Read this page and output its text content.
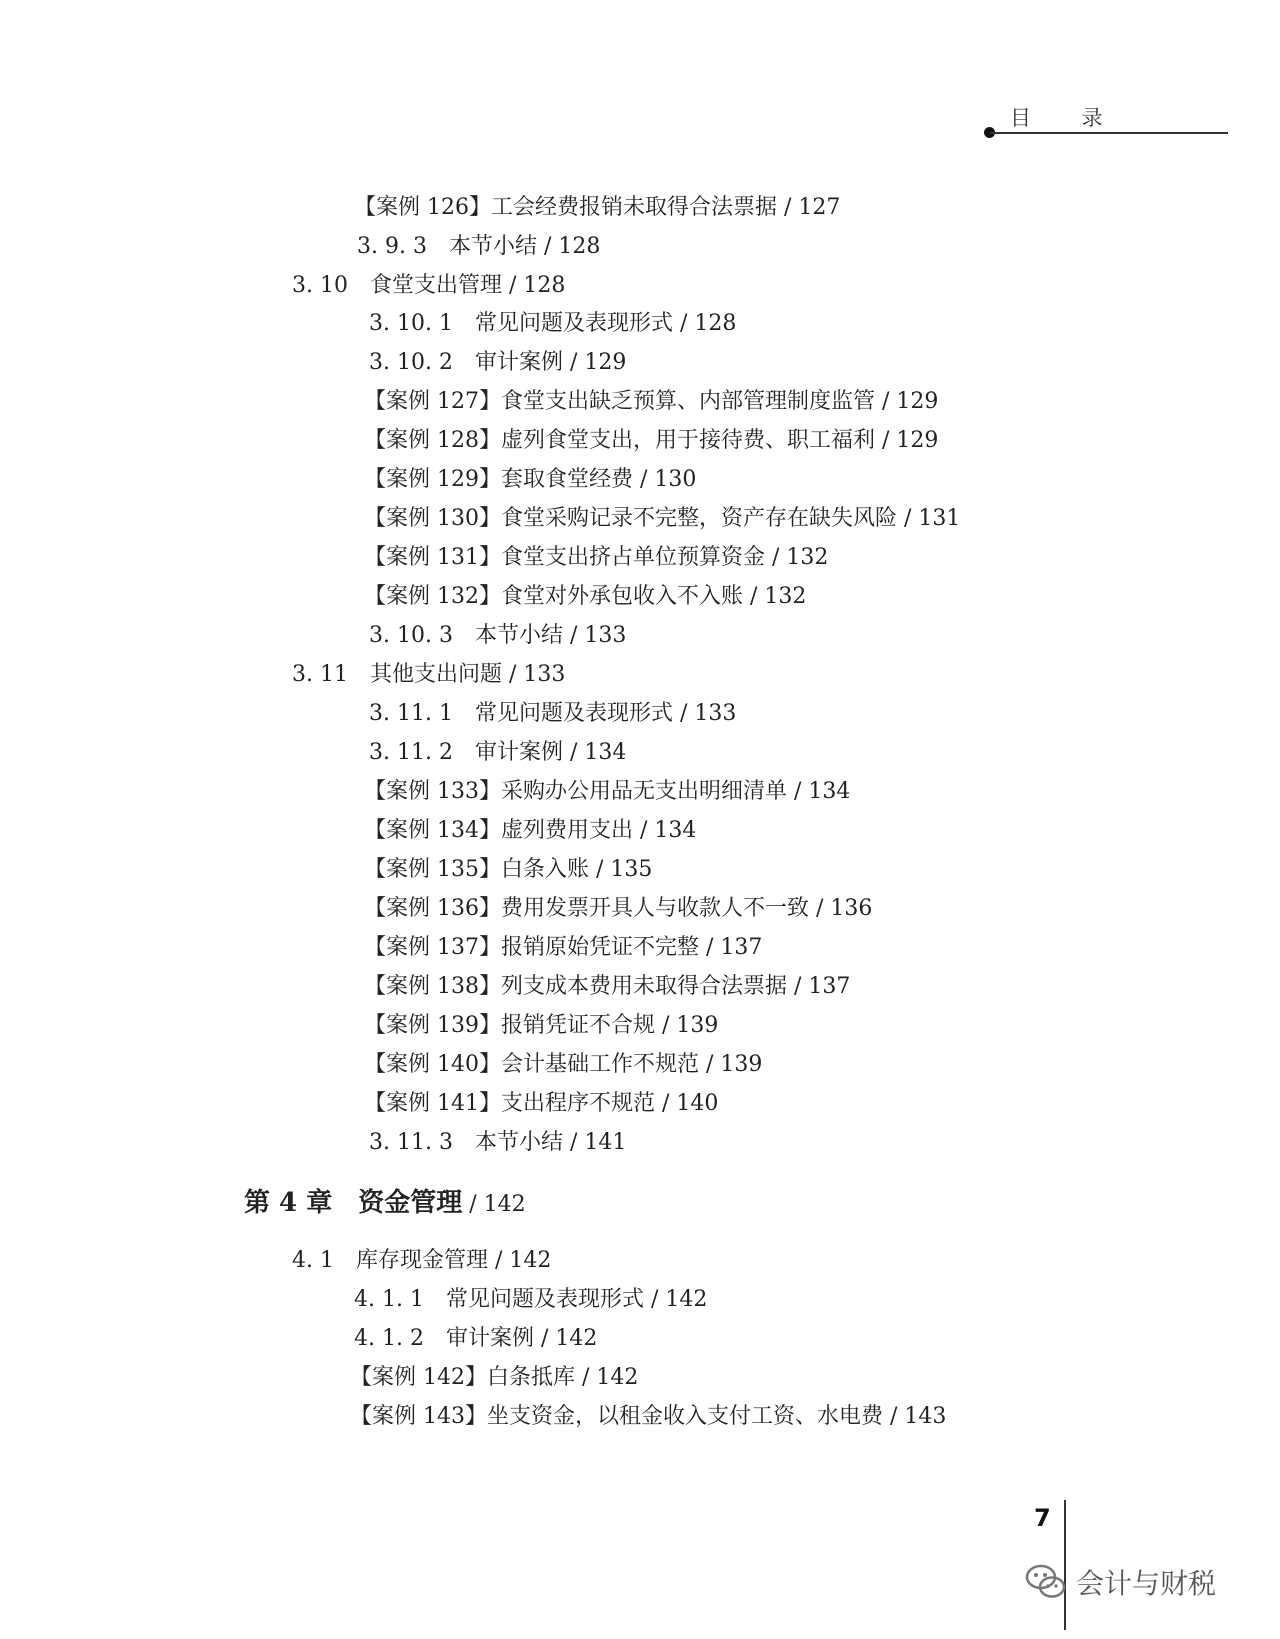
目 录
【案例 126】工会经费报销未取得合法票据 / 127
3. 9. 3　本节小结 / 128
3. 10　食堂支出管理 / 128
3. 10. 1　常见问题及表现形式 / 128
3. 10. 2　审计案例 / 129
【案例 127】食堂支出缺乏预算、内部管理制度监管 / 129
【案例 128】虚列食堂支出，用于接待费、职工福利 / 129
【案例 129】套取食堂经费 / 130
【案例 130】食堂采购记录不完整，资产存在缺失风险 / 131
【案例 131】食堂支出挤占单位预算资金 / 132
【案例 132】食堂对外承包收入不入账 / 132
3. 10. 3　本节小结 / 133
3. 11　其他支出问题 / 133
3. 11. 1　常见问题及表现形式 / 133
3. 11. 2　审计案例 / 134
【案例 133】采购办公用品无支出明细清单 / 134
【案例 134】虚列费用支出 / 134
【案例 135】白条入账 / 135
【案例 136】费用发票开具人与收款人不一致 / 136
【案例 137】报销原始凭证不完整 / 137
【案例 138】列支成本费用未取得合法票据 / 137
【案例 139】报销凭证不合规 / 139
【案例 140】会计基础工作不规范 / 139
【案例 141】支出程序不规范 / 140
3. 11. 3　本节小结 / 141
第 4 章 资金管理 / 142
4. 1　库存现金管理 / 142
4. 1. 1　常见问题及表现形式 / 142
4. 1. 2　审计案例 / 142
【案例 142】白条抵库 / 142
【案例 143】坐支资金，以租金收入支付工资、水电费 / 143
7
会计与财税
